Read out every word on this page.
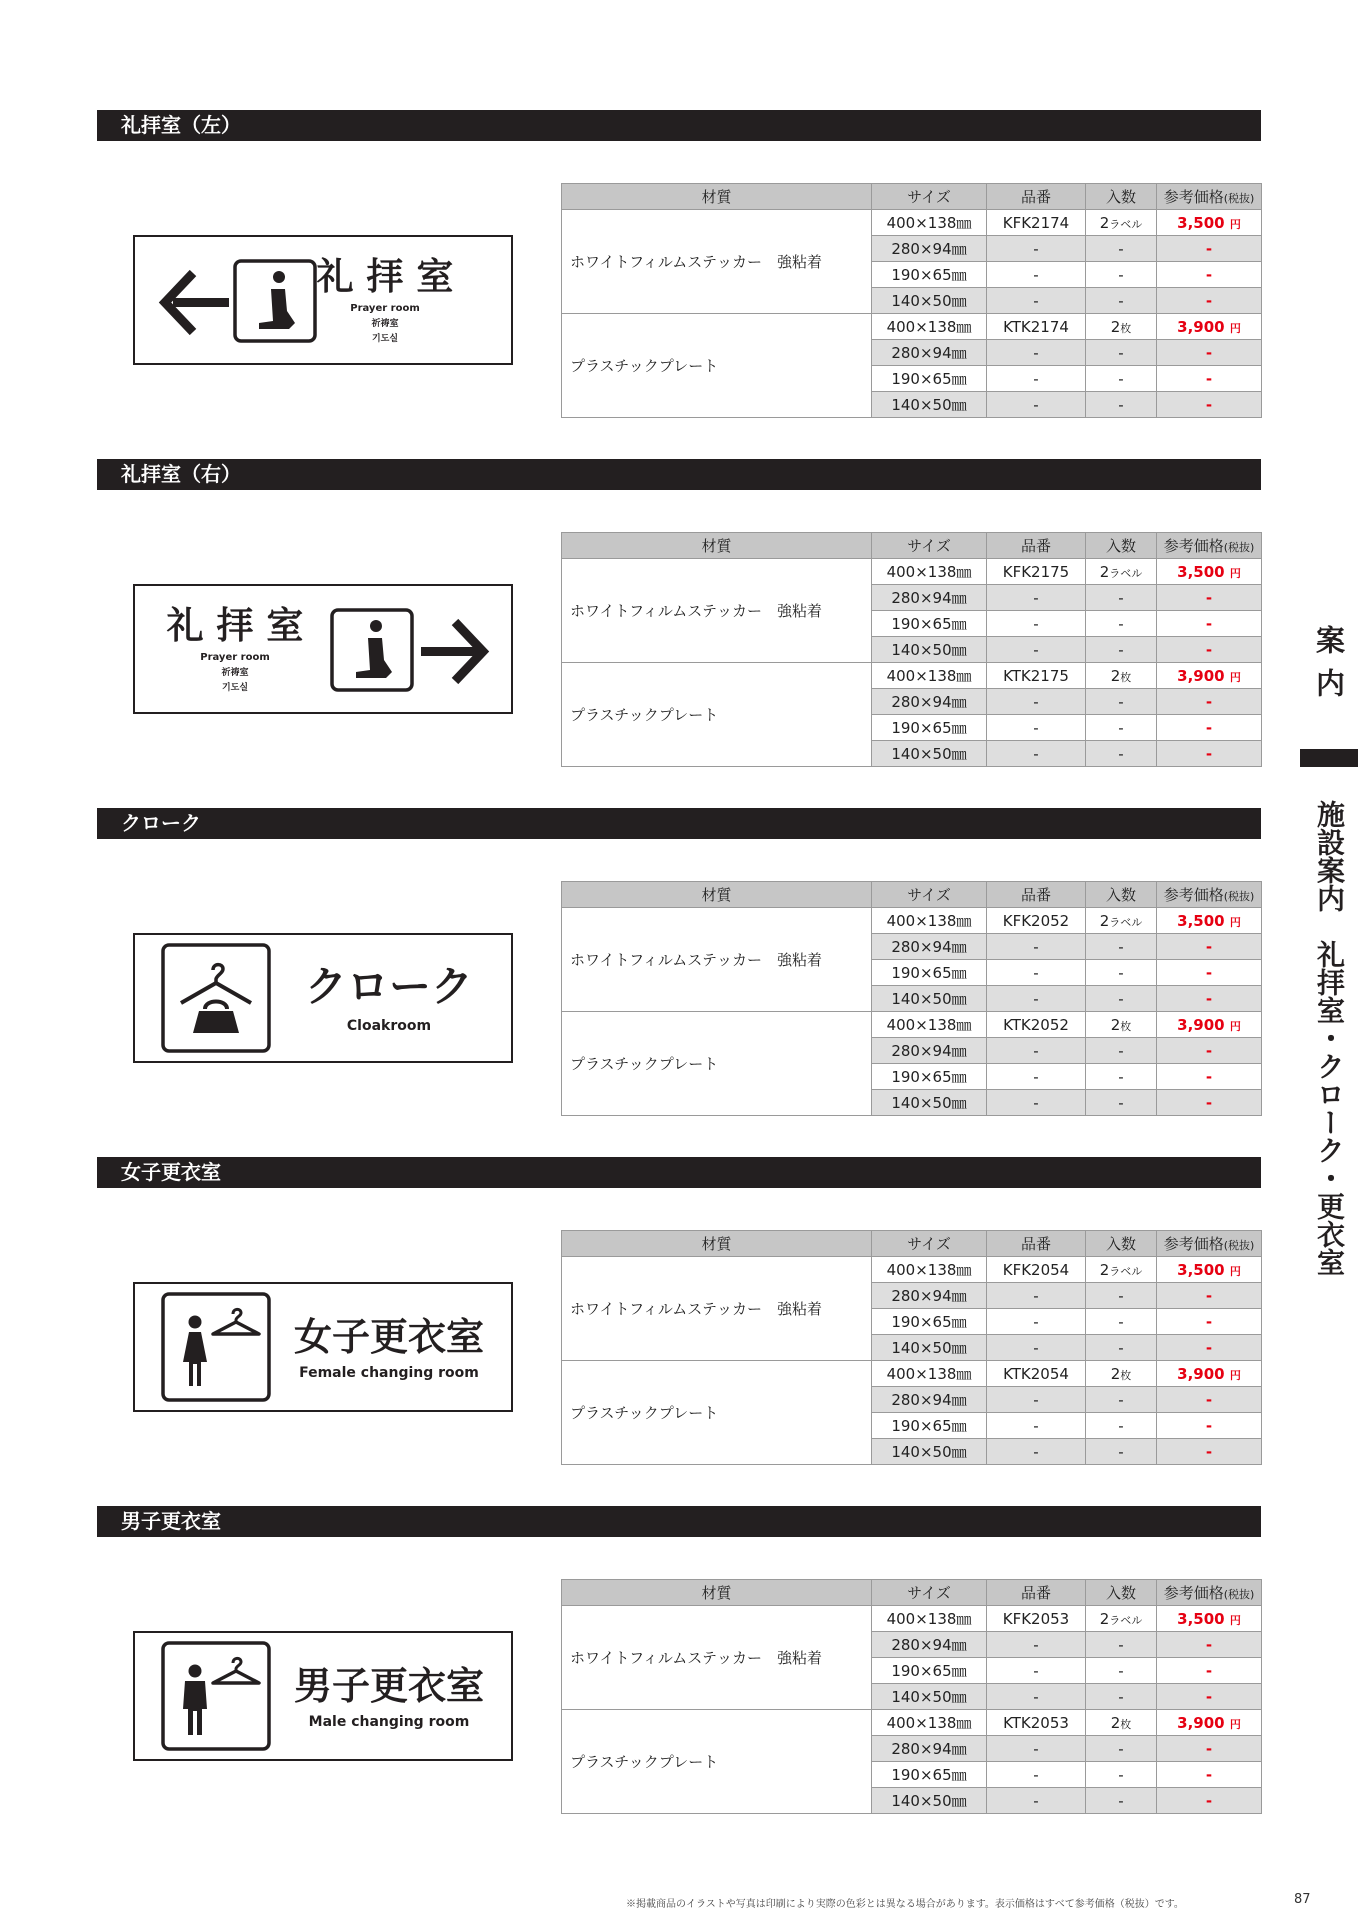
礼拝室（左）
礼 拝 室
Prayer room
祈祷室
기도실
材質	サイズ	品番	入数	参考価格(税抜)
ホワイトフィルムステッカー　強粘着	400×138㎜	KFK2174	2ラベル	3,500 円
	280×94㎜	-	-	-
	190×65㎜	-	-	-
	140×50㎜	-	-	-
プラスチックプレート	400×138㎜	KTK2174	2枚	3,900 円
	280×94㎜	-	-	-
	190×65㎜	-	-	-
	140×50㎜	-	-	-
礼拝室（右）
礼 拝 室
Prayer room
祈祷室
기도실
材質	サイズ	品番	入数	参考価格(税抜)
ホワイトフィルムステッカー　強粘着	400×138㎜	KFK2175	2ラベル	3,500 円
	280×94㎜	-	-	-
	190×65㎜	-	-	-
	140×50㎜	-	-	-
プラスチックプレート	400×138㎜	KTK2175	2枚	3,900 円
	280×94㎜	-	-	-
	190×65㎜	-	-	-
	140×50㎜	-	-	-
クローク
クローク
Cloakroom
材質	サイズ	品番	入数	参考価格(税抜)
ホワイトフィルムステッカー　強粘着	400×138㎜	KFK2052	2ラベル	3,500 円
	280×94㎜	-	-	-
	190×65㎜	-	-	-
	140×50㎜	-	-	-
プラスチックプレート	400×138㎜	KTK2052	2枚	3,900 円
	280×94㎜	-	-	-
	190×65㎜	-	-	-
	140×50㎜	-	-	-
女子更衣室
女子更衣室
Female changing room
材質	サイズ	品番	入数	参考価格(税抜)
ホワイトフィルムステッカー　強粘着	400×138㎜	KFK2054	2ラベル	3,500 円
	280×94㎜	-	-	-
	190×65㎜	-	-	-
	140×50㎜	-	-	-
プラスチックプレート	400×138㎜	KTK2054	2枚	3,900 円
	280×94㎜	-	-	-
	190×65㎜	-	-	-
	140×50㎜	-	-	-
男子更衣室
男子更衣室
Male changing room
材質	サイズ	品番	入数	参考価格(税抜)
ホワイトフィルムステッカー　強粘着	400×138㎜	KFK2053	2ラベル	3,500 円
	280×94㎜	-	-	-
	190×65㎜	-	-	-
	140×50㎜	-	-	-
プラスチックプレート	400×138㎜	KTK2053	2枚	3,900 円
	280×94㎜	-	-	-
	190×65㎜	-	-	-
	140×50㎜	-	-	-
案内
施設案内　礼拝室・クローク・更衣室
※掲載商品のイラストや写真は印刷により実際の色彩とは異なる場合があります。表示価格はすべて参考価格（税抜）です。	87
